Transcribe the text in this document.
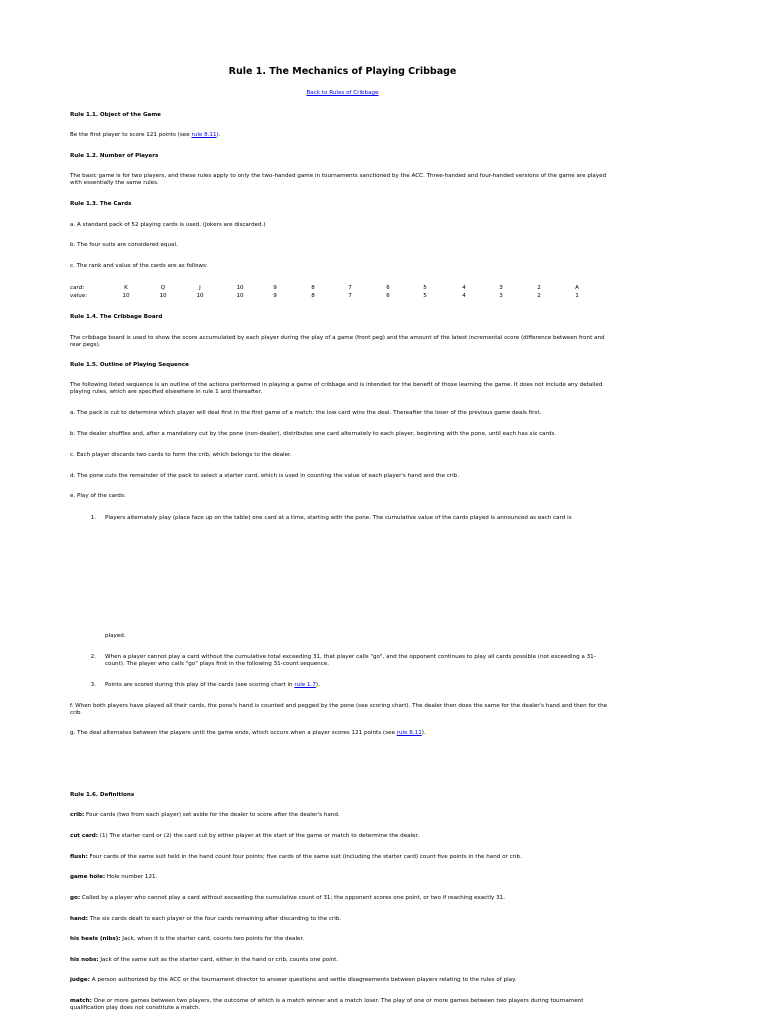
Rule 1. The Mechanics of Playing Cribbage
Back to Rules of Cribbage
Rule 1.1. Object of the Game
Be the first player to score 121 points (see rule 8.11).
Rule 1.2. Number of Players
The basic game is for two players, and these rules apply to only the two-handed game in tournaments sanctioned by the ACC. Three-handed and four-handed versions of the game are played with essentially the same rules.
Rule 1.3. The Cards
a. A standard pack of 52 playing cards is used. (Jokers are discarded.)
b. The four suits are considered equal.
c. The rank and value of the cards are as follows:
card:	K	Q	J	10	9	8	7	6	5	4	3	2	A
value:	10	10	10	10	9	8	7	6	5	4	3	2	1
Rule 1.4. The Cribbage Board
The cribbage board is used to show the score accumulated by each player during the play of a game (front peg) and the amount of the latest incremental score (difference between front and rear pegs).
Rule 1.5. Outline of Playing Sequence
The following listed sequence is an outline of the actions performed in playing a game of cribbage and is intended for the benefit of those learning the game. It does not include any detailed playing rules, which are specified elsewhere in rule 1 and thereafter.
a. The pack is cut to determine which player will deal first in the first game of a match; the low card wins the deal. Thereafter the loser of the previous game deals first.
b. The dealer shuffles and, after a mandatory cut by the pone (non-dealer), distributes one card alternately to each player, beginning with the pone, until each has six cards.
c. Each player discards two cards to form the crib, which belongs to the dealer.
d. The pone cuts the remainder of the pack to select a starter card, which is used in counting the value of each player's hand and the crib.
e. Play of the cards:
1. Players alternately play (place face up on the table) one card at a time, starting with the pone. The cumulative value of the cards played is announced as each card is
played.
2. When a player cannot play a card without the cumulative total exceeding 31, that player calls "go", and the opponent continues to play all cards possible (not exceeding a 31-count). The player who calls "go" plays first in the following 31-count sequence.
3. Points are scored during this play of the cards (see scoring chart in rule 1.7).
f. When both players have played all their cards, the pone's hand is counted and pegged by the pone (see scoring chart). The dealer then does the same for the dealer's hand and then for the crib.
g. The deal alternates between the players until the game ends, which occurs when a player scores 121 points (see rule 8.11).
Rule 1.6. Definitions
crib: Four cards (two from each player) set aside for the dealer to score after the dealer's hand.
cut card: (1) The starter card or (2) the card cut by either player at the start of the game or match to determine the dealer.
flush: Four cards of the same suit held in the hand count four points; five cards of the same suit (including the starter card) count five points in the hand or crib.
game hole: Hole number 121.
go: Called by a player who cannot play a card without exceeding the cumulative count of 31; the opponent scores one point, or two if reaching exactly 31.
hand: The six cards dealt to each player or the four cards remaining after discarding to the crib.
his heels (nibs): Jack, when it is the starter card, counts two points for the dealer.
his nobs: Jack of the same suit as the starter card, either in the hand or crib, counts one point.
judge: A person authorized by the ACC or the tournament director to answer questions and settle disagreements between players relating to the rules of play.
match: One or more games between two players, the outcome of which is a match winner and a match loser. The play of one or more games between two players during tournament qualification play does not constitute a match.
